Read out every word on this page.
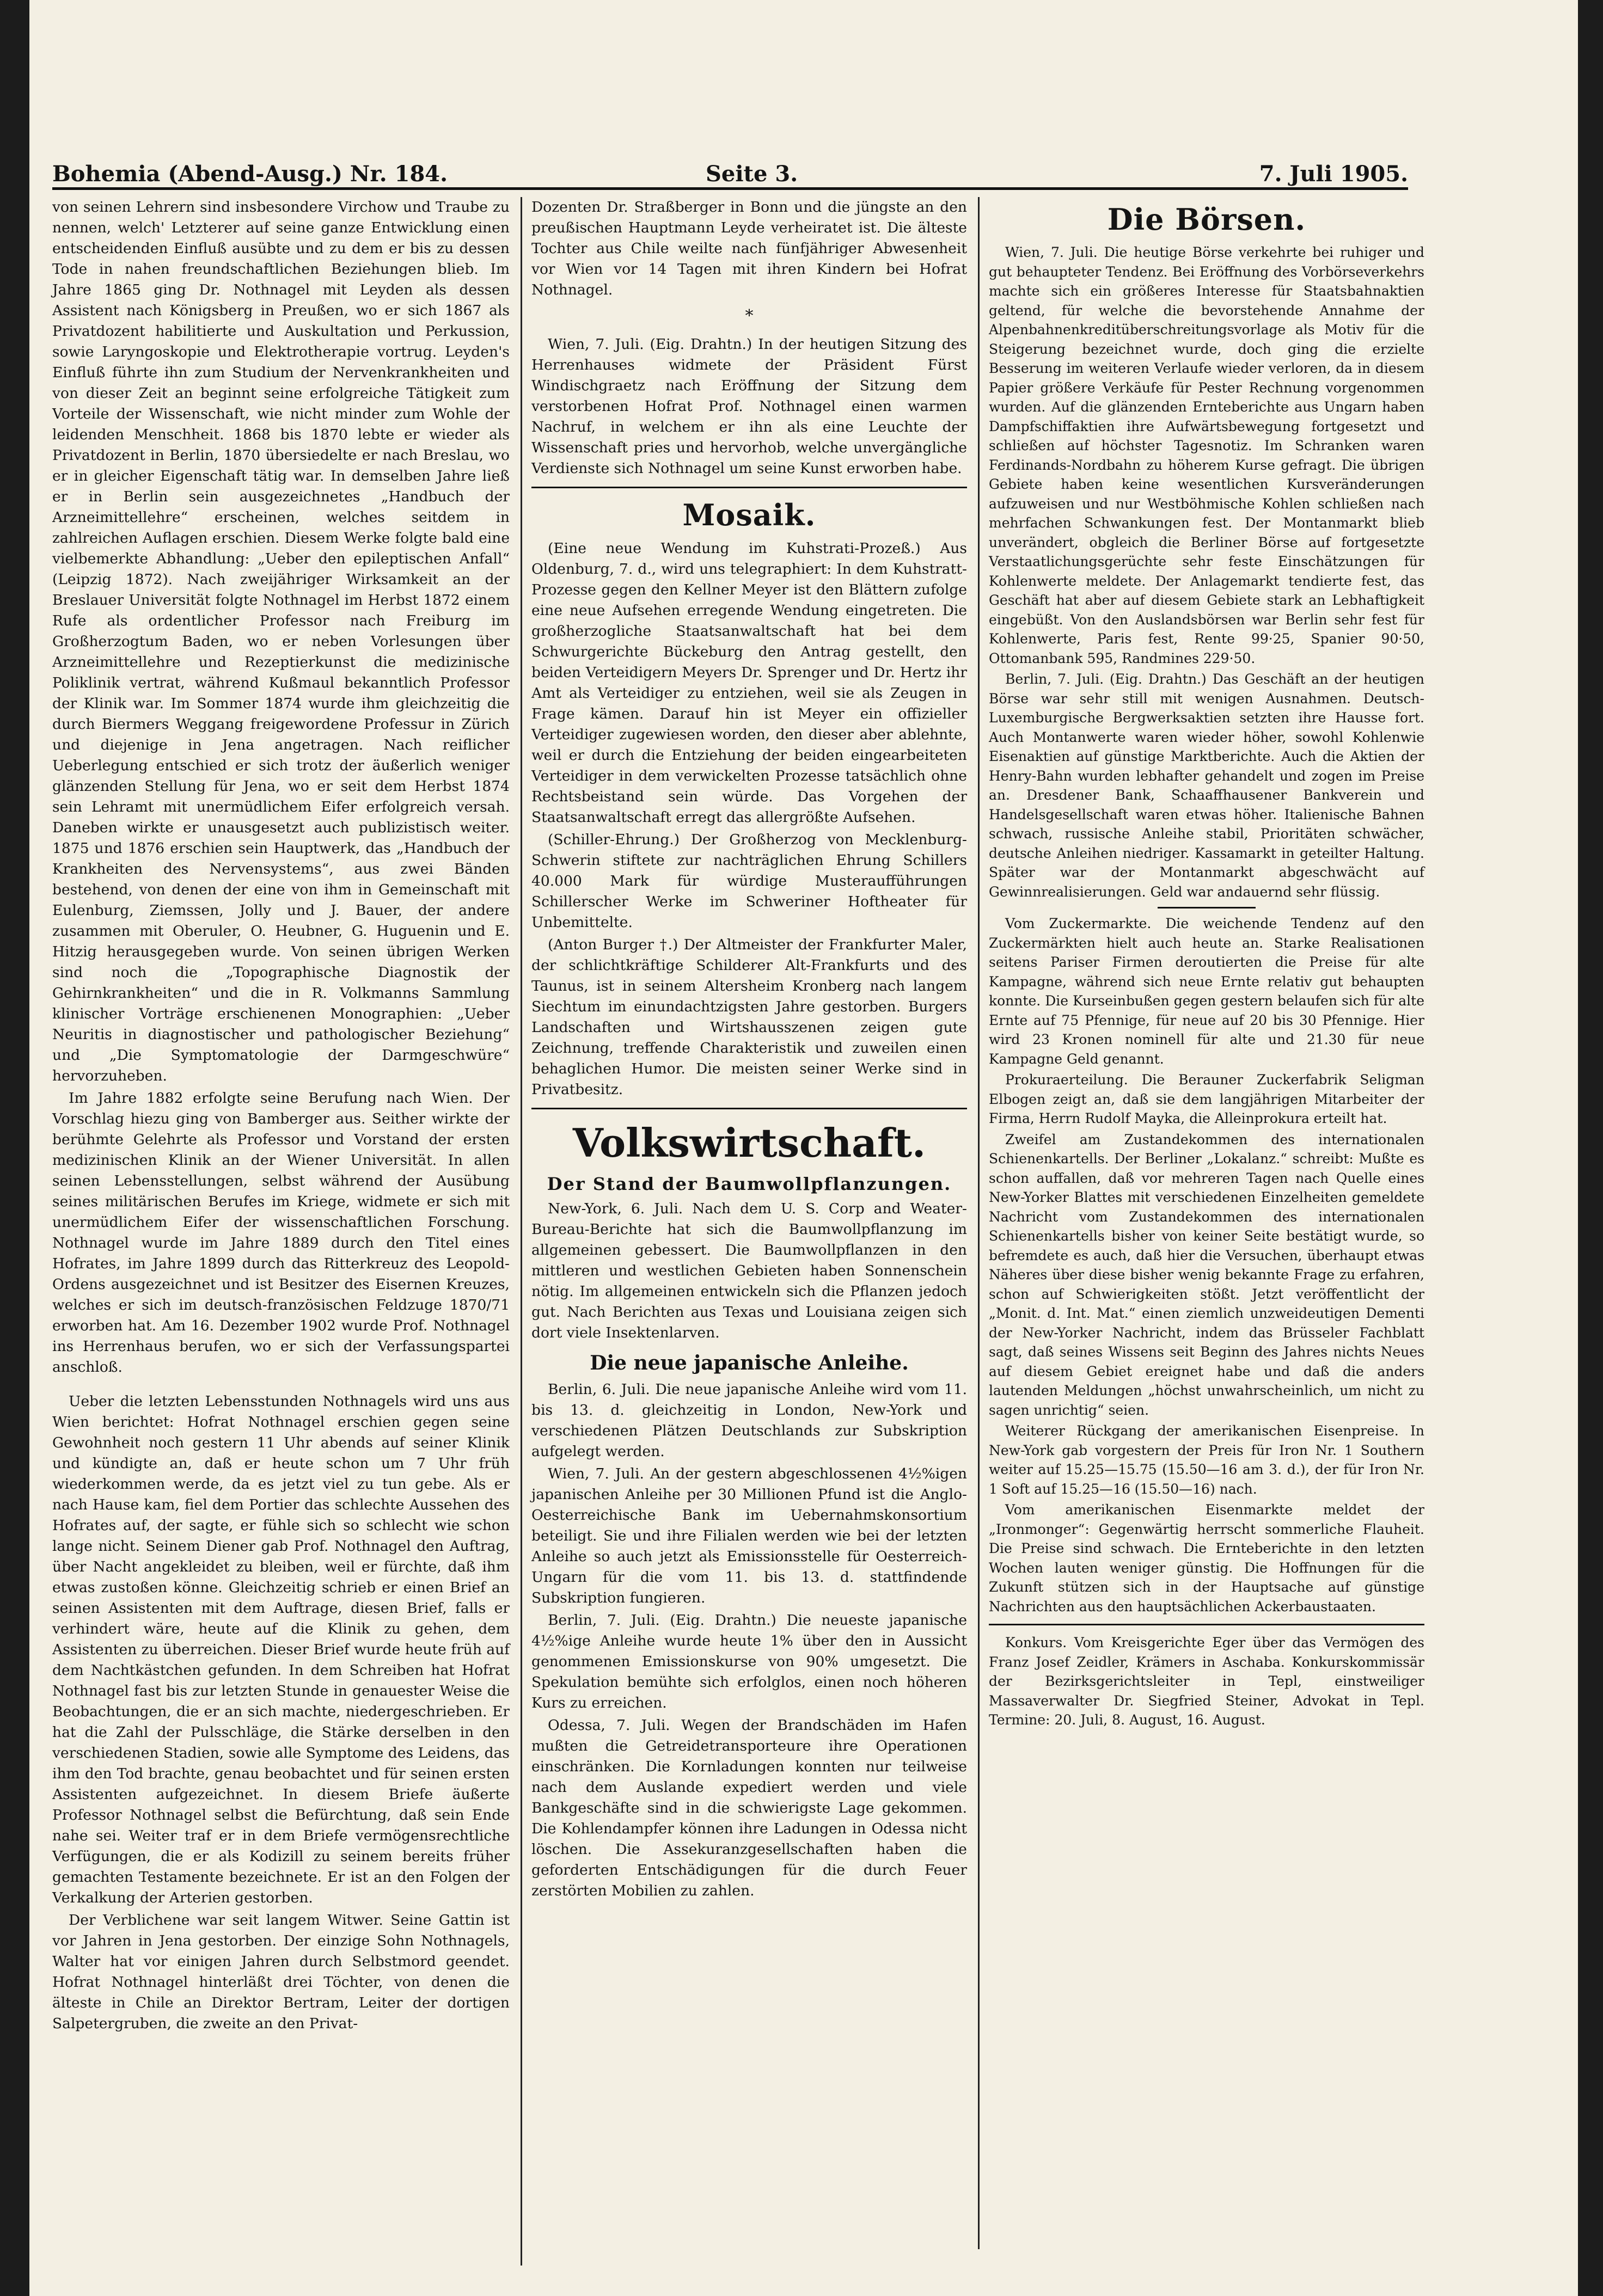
Bohemia (Abend-Ausg.) Nr. 184.	Seite 3.	7. Juli 1905.

von seinen Lehrern sind insbesondere Virchow und Traube zu nennen, welch' Letzterer auf seine ganze Entwicklung einen entscheidenden Einfluß ausübte und zu dem er bis zu dessen Tode in nahen freundschaftlichen Beziehungen blieb. Im Jahre 1865 ging Dr. Nothnagel mit Leyden als dessen Assistent nach Königsberg in Preußen, wo er sich 1867 als Privatdozent habilitierte und Auskultation und Perkussion, sowie Laryngoskopie und Elektrotherapie vortrug. Leyden's Einfluß führte ihn zum Studium der Nervenkrankheiten und von dieser Zeit an beginnt seine erfolgreiche Tätigkeit zum Vorteile der Wissenschaft, wie nicht minder zum Wohle der leidenden Menschheit. 1868 bis 1870 lebte er wieder als Privatdozent in Berlin, 1870 übersiedelte er nach Breslau, wo er in gleicher Eigenschaft tätig war. In demselben Jahre ließ er in Berlin sein ausgezeichnetes „Handbuch der Arzneimittellehre“ erscheinen, welches seitdem in zahlreichen Auflagen erschien. Diesem Werke folgte bald eine vielbemerkte Abhandlung: „Ueber den epileptischen Anfall“ (Leipzig 1872). Nach zweijähriger Wirksamkeit an der Breslauer Universität folgte Nothnagel im Herbst 1872 einem Rufe als ordentlicher Professor nach Freiburg im Großherzogtum Baden, wo er neben Vorlesungen über Arzneimittellehre und Rezeptierkunst die medizinische Poliklinik vertrat, während Kußmaul bekanntlich Professor der Klinik war. Im Sommer 1874 wurde ihm gleichzeitig die durch Biermers Weggang freigewordene Professur in Zürich und diejenige in Jena angetragen. Nach reiflicher Ueberlegung entschied er sich trotz der äußerlich weniger glänzenden Stellung für Jena, wo er seit dem Herbst 1874 sein Lehramt mit unermüdlichem Eifer erfolgreich versah. Daneben wirkte er unausgesetzt auch publizistisch weiter. 1875 und 1876 erschien sein Hauptwerk, das „Handbuch der Krankheiten des Nervensystems“, aus zwei Bänden bestehend, von denen der eine von ihm in Gemeinschaft mit Eulenburg, Ziemssen, Jolly und J. Bauer, der andere zusammen mit Oberuler, O. Heubner, G. Huguenin und E. Hitzig herausgegeben wurde. Von seinen übrigen Werken sind noch die „Topographische Diagnostik der Gehirnkrankheiten“ und die in R. Volkmanns Sammlung klinischer Vorträge erschienenen Monographien: „Ueber Neuritis in diagnostischer und pathologischer Beziehung“ und „Die Symptomatologie der Darmgeschwüre“ hervorzuheben.

Im Jahre 1882 erfolgte seine Berufung nach Wien. Der Vorschlag hiezu ging von Bamberger aus. Seither wirkte der berühmte Gelehrte als Professor und Vorstand der ersten medizinischen Klinik an der Wiener Universität. In allen seinen Lebensstellungen, selbst während der Ausübung seines militärischen Berufes im Kriege, widmete er sich mit unermüdlichem Eifer der wissenschaftlichen Forschung. Nothnagel wurde im Jahre 1889 durch den Titel eines Hofrates, im Jahre 1899 durch das Ritterkreuz des Leopold-Ordens ausgezeichnet und ist Besitzer des Eisernen Kreuzes, welches er sich im deutsch-französischen Feldzuge 1870/71 erworben hat. Am 16. Dezember 1902 wurde Prof. Nothnagel ins Herrenhaus berufen, wo er sich der Verfassungspartei anschloß.

Ueber die letzten Lebensstunden Nothnagels wird uns aus Wien berichtet: Hofrat Nothnagel erschien gegen seine Gewohnheit noch gestern 11 Uhr abends auf seiner Klinik und kündigte an, daß er heute schon um 7 Uhr früh wiederkommen werde, da es jetzt viel zu tun gebe. Als er nach Hause kam, fiel dem Portier das schlechte Aussehen des Hofrates auf, der sagte, er fühle sich so schlecht wie schon lange nicht. Seinem Diener gab Prof. Nothnagel den Auftrag, über Nacht angekleidet zu bleiben, weil er fürchte, daß ihm etwas zustoßen könne. Gleichzeitig schrieb er einen Brief an seinen Assistenten mit dem Auftrage, diesen Brief, falls er verhindert wäre, heute auf die Klinik zu gehen, dem Assistenten zu überreichen. Dieser Brief wurde heute früh auf dem Nachtkästchen gefunden. In dem Schreiben hat Hofrat Nothnagel fast bis zur letzten Stunde in genauester Weise die Beobachtungen, die er an sich machte, niedergeschrieben. Er hat die Zahl der Pulsschläge, die Stärke derselben in den verschiedenen Stadien, sowie alle Symptome des Leidens, das ihm den Tod brachte, genau beobachtet und für seinen ersten Assistenten aufgezeichnet. In diesem Briefe äußerte Professor Nothnagel selbst die Befürchtung, daß sein Ende nahe sei. Weiter traf er in dem Briefe vermögensrechtliche Verfügungen, die er als Kodizill zu seinem bereits früher gemachten Testamente bezeichnete. Er ist an den Folgen der Verkalkung der Arterien gestorben.

Der Verblichene war seit langem Witwer. Seine Gattin ist vor Jahren in Jena gestorben. Der einzige Sohn Nothnagels, Walter hat vor einigen Jahren durch Selbstmord geendet. Hofrat Nothnagel hinterläßt drei Töchter, von denen die älteste in Chile an Direktor Bertram, Leiter der dortigen Salpetergruben, die zweite an den Privat-

Dozenten Dr. Straßberger in Bonn und die jüngste an den preußischen Hauptmann Leyde verheiratet ist. Die älteste Tochter aus Chile weilte nach fünfjähriger Abwesenheit vor Wien vor 14 Tagen mit ihren Kindern bei Hofrat Nothnagel.

*

Wien, 7. Juli. (Eig. Drahtn.) In der heutigen Sitzung des Herrenhauses widmete der Präsident Fürst Windischgraetz nach Eröffnung der Sitzung dem verstorbenen Hofrat Prof. Nothnagel einen warmen Nachruf, in welchem er ihn als eine Leuchte der Wissenschaft pries und hervorhob, welche unvergängliche Verdienste sich Nothnagel um seine Kunst erworben habe.

Mosaik.

(Eine neue Wendung im Kuhstrati-Prozeß.) Aus Oldenburg, 7. d., wird uns telegraphiert: In dem Kuhstratt-Prozesse gegen den Kellner Meyer ist den Blättern zufolge eine neue Aufsehen erregende Wendung eingetreten. Die großherzogliche Staatsanwaltschaft hat bei dem Schwurgerichte Bückeburg den Antrag gestellt, den beiden Verteidigern Meyers Dr. Sprenger und Dr. Hertz ihr Amt als Verteidiger zu entziehen, weil sie als Zeugen in Frage kämen. Darauf hin ist Meyer ein offizieller Verteidiger zugewiesen worden, den dieser aber ablehnte, weil er durch die Entziehung der beiden eingearbeiteten Verteidiger in dem verwickelten Prozesse tatsächlich ohne Rechtsbeistand sein würde. Das Vorgehen der Staatsanwaltschaft erregt das allergrößte Aufsehen.

(Schiller-Ehrung.) Der Großherzog von Mecklenburg-Schwerin stiftete zur nachträglichen Ehrung Schillers 40.000 Mark für würdige Musteraufführungen Schillerscher Werke im Schweriner Hoftheater für Unbemittelte.

(Anton Burger †.) Der Altmeister der Frankfurter Maler, der schlichtkräftige Schilderer Alt-Frankfurts und des Taunus, ist in seinem Altersheim Kronberg nach langem Siechtum im einundachtzigsten Jahre gestorben. Burgers Landschaften und Wirtshausszenen zeigen gute Zeichnung, treffende Charakteristik und zuweilen einen behaglichen Humor. Die meisten seiner Werke sind in Privatbesitz.

Volkswirtschaft.
Der Stand der Baumwollpflanzungen.

New-York, 6. Juli. Nach dem U. S. Corp and Weater-Bureau-Berichte hat sich die Baumwollpflanzung im allgemeinen gebessert. Die Baumwollpflanzen in den mittleren und westlichen Gebieten haben Sonnenschein nötig. Im allgemeinen entwickeln sich die Pflanzen jedoch gut. Nach Berichten aus Texas und Louisiana zeigen sich dort viele Insektenlarven.

Die neue japanische Anleihe.

Berlin, 6. Juli. Die neue japanische Anleihe wird vom 11. bis 13. d. gleichzeitig in London, New-York und verschiedenen Plätzen Deutschlands zur Subskription aufgelegt werden.

Wien, 7. Juli. An der gestern abgeschlossenen 4½%igen japanischen Anleihe per 30 Millionen Pfund ist die Anglo-Oesterreichische Bank im Uebernahmskonsortium beteiligt. Sie und ihre Filialen werden wie bei der letzten Anleihe so auch jetzt als Emissionsstelle für Oesterreich-Ungarn für die vom 11. bis 13. d. stattfindende Subskription fungieren.

Berlin, 7. Juli. (Eig. Drahtn.) Die neueste japanische 4½%ige Anleihe wurde heute 1% über den in Aussicht genommenen Emissionskurse von 90% umgesetzt. Die Spekulation bemühte sich erfolglos, einen noch höheren Kurs zu erreichen.

Odessa, 7. Juli. Wegen der Brandschäden im Hafen mußten die Getreidetransporteure ihre Operationen einschränken. Die Kornladungen konnten nur teilweise nach dem Auslande expediert werden und viele Bankgeschäfte sind in die schwierigste Lage gekommen. Die Kohlendampfer können ihre Ladungen in Odessa nicht löschen. Die Assekuranzgesellschaften haben die geforderten Entschädigungen für die durch Feuer zerstörten Mobilien zu zahlen.

Die Börsen.

Wien, 7. Juli. Die heutige Börse verkehrte bei ruhiger und gut behaupteter Tendenz. Bei Eröffnung des Vorbörseverkehrs machte sich ein größeres Interesse für Staatsbahnaktien geltend, für welche die bevorstehende Annahme der Alpenbahnenkreditüberschreitungsvorlage als Motiv für die Steigerung bezeichnet wurde, doch ging die erzielte Besserung im weiteren Verlaufe wieder verloren, da in diesem Papier größere Verkäufe für Pester Rechnung vorgenommen wurden. Auf die glänzenden Ernteberichte aus Ungarn haben Dampfschiffaktien ihre Aufwärtsbewegung fortgesetzt und schließen auf höchster Tagesnotiz. Im Schranken waren Ferdinands-Nordbahn zu höherem Kurse gefragt. Die übrigen Gebiete haben keine wesentlichen Kursveränderungen aufzuweisen und nur Westböhmische Kohlen schließen nach mehrfachen Schwankungen fest. Der Montanmarkt blieb unverändert, obgleich die Berliner Börse auf fortgesetzte Verstaatlichungsgerüchte sehr feste Einschätzungen für Kohlenwerte meldete. Der Anlagemarkt tendierte fest, das Geschäft hat aber auf diesem Gebiete stark an Lebhaftigkeit eingebüßt. Von den Auslandsbörsen war Berlin sehr fest für Kohlenwerte, Paris fest, Rente 99·25, Spanier 90·50, Ottomanbank 595, Randmines 229·50.

Berlin, 7. Juli. (Eig. Drahtn.) Das Geschäft an der heutigen Börse war sehr still mit wenigen Ausnahmen. Deutsch-Luxemburgische Bergwerksaktien setzten ihre Hausse fort. Auch Montanwerte waren wieder höher, sowohl Kohlenwie Eisenaktien auf günstige Marktberichte. Auch die Aktien der Henry-Bahn wurden lebhafter gehandelt und zogen im Preise an. Dresdener Bank, Schaaffhausener Bankverein und Handelsgesellschaft waren etwas höher. Italienische Bahnen schwach, russische Anleihe stabil, Prioritäten schwächer, deutsche Anleihen niedriger. Kassamarkt in geteilter Haltung. Später war der Montanmarkt abgeschwächt auf Gewinnrealisierungen. Geld war andauernd sehr flüssig.

Vom Zuckermarkte. Die weichende Tendenz auf den Zuckermärkten hielt auch heute an. Starke Realisationen seitens Pariser Firmen deroutierten die Preise für alte Kampagne, während sich neue Ernte relativ gut behaupten konnte. Die Kurseinbußen gegen gestern belaufen sich für alte Ernte auf 75 Pfennige, für neue auf 20 bis 30 Pfennige. Hier wird 23 Kronen nominell für alte und 21.30 für neue Kampagne Geld genannt.

Prokuraerteilung. Die Berauner Zuckerfabrik Seligman Elbogen zeigt an, daß sie dem langjährigen Mitarbeiter der Firma, Herrn Rudolf Mayka, die Alleinprokura erteilt hat.

Zweifel am Zustandekommen des internationalen Schienenkartells. Der Berliner „Lokalanz.“ schreibt: Mußte es schon auffallen, daß vor mehreren Tagen nach Quelle eines New-Yorker Blattes mit verschiedenen Einzelheiten gemeldete Nachricht vom Zustandekommen des internationalen Schienenkartells bisher von keiner Seite bestätigt wurde, so befremdete es auch, daß hier die Versuchen, überhaupt etwas Näheres über diese bisher wenig bekannte Frage zu erfahren, schon auf Schwierigkeiten stößt. Jetzt veröffentlicht der „Monit. d. Int. Mat.“ einen ziemlich unzweideutigen Dementi der New-Yorker Nachricht, indem das Brüsseler Fachblatt sagt, daß seines Wissens seit Beginn des Jahres nichts Neues auf diesem Gebiet ereignet habe und daß die anders lautenden Meldungen „höchst unwahrscheinlich, um nicht zu sagen unrichtig“ seien.

Weiterer Rückgang der amerikanischen Eisenpreise. In New-York gab vorgestern der Preis für Iron Nr. 1 Southern weiter auf 15.25—15.75 (15.50—16 am 3. d.), der für Iron Nr. 1 Soft auf 15.25—16 (15.50—16) nach.

Vom amerikanischen Eisenmarkte meldet der „Ironmonger“: Gegenwärtig herrscht sommerliche Flauheit. Die Preise sind schwach. Die Ernteberichte in den letzten Wochen lauten weniger günstig. Die Hoffnungen für die Zukunft stützen sich in der Hauptsache auf günstige Nachrichten aus den hauptsächlichen Ackerbaustaaten.

Konkurs. Vom Kreisgerichte Eger über das Vermögen des Franz Josef Zeidler, Krämers in Aschaba. Konkurskommissär der Bezirksgerichtsleiter in Tepl, einstweiliger Massaverwalter Dr. Siegfried Steiner, Advokat in Tepl. Termine: 20. Juli, 8. August, 16. August.
